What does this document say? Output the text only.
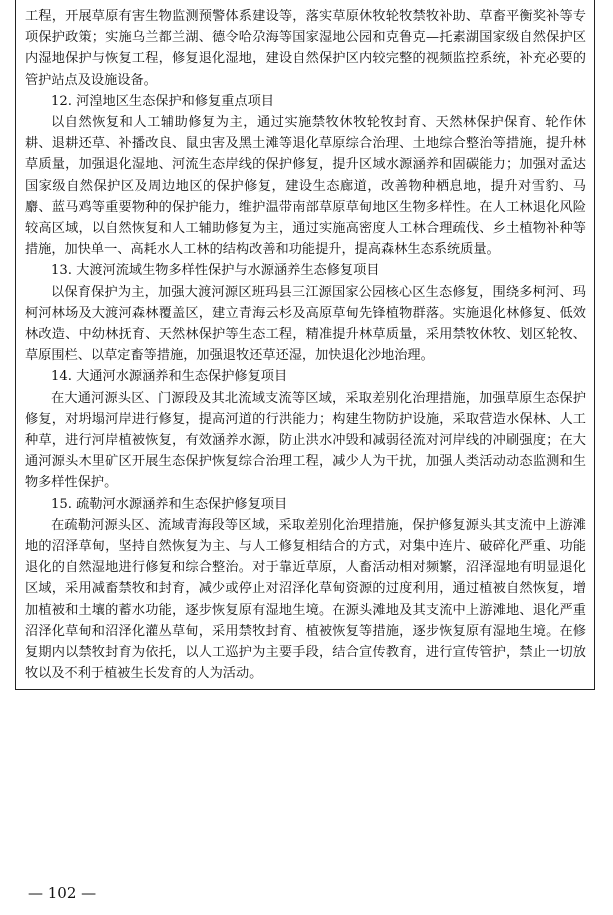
工程，开展草原有害生物监测预警体系建设等，落实草原休牧轮牧禁牧补助、草畜平衡奖补等专项保护政策；实施乌兰都兰湖、德令哈尕海等国家湿地公园和克鲁克—托素湖国家级自然保护区内湿地保护与恢复工程，修复退化湿地，建设自然保护区内较完整的视频监控系统，补充必要的管护站点及设施设备。

12. 河湟地区生态保护和修复重点项目

以自然恢复和人工辅助修复为主，通过实施禁牧休牧轮牧封育、天然林保护保育、轮作休耕、退耕还草、补播改良、鼠虫害及黑土滩等退化草原综合治理、土地综合整治等措施，提升林草质量，加强退化湿地、河流生态岸线的保护修复，提升区域水源涵养和固碳能力；加强对孟达国家级自然保护区及周边地区的保护修复，建设生态廊道，改善物种栖息地，提升对雪豹、马麝、蓝马鸡等重要物种的保护能力，维护温带南部草原草甸地区生物多样性。在人工林退化风险较高区域，以自然恢复和人工辅助修复为主，通过实施高密度人工林合理疏伐、乡土植物补种等措施，加快单一、高耗水人工林的结构改善和功能提升，提高森林生态系统质量。

13. 大渡河流域生物多样性保护与水源涵养生态修复项目

以保育保护为主，加强大渡河源区班玛县三江源国家公园核心区生态修复，围绕多柯河、玛柯河林场及大渡河森林覆盖区，建立青海云杉及高原草甸先锋植物群落。实施退化林修复、低效林改造、中幼林抚育、天然林保护等生态工程，精准提升林草质量，采用禁牧休牧、划区轮牧、草原围栏、以草定畜等措施，加强退牧还草还湿，加快退化沙地治理。

14. 大通河水源涵养和生态保护修复项目

在大通河源头区、门源段及其北流域支流等区域，采取差别化治理措施，加强草原生态保护修复，对坍塌河岸进行修复，提高河道的行洪能力；构建生物防护设施，采取营造水保林、人工种草，进行河岸植被恢复，有效涵养水源，防止洪水冲毁和减弱径流对河岸线的冲刷强度；在大通河源头木里矿区开展生态保护恢复综合治理工程，减少人为干扰，加强人类活动动态监测和生物多样性保护。

15. 疏勒河水源涵养和生态保护修复项目

在疏勒河源头区、流域青海段等区域，采取差别化治理措施，保护修复源头其支流中上游滩地的沼泽草甸，坚持自然恢复为主、与人工修复相结合的方式，对集中连片、破碎化严重、功能退化的自然湿地进行修复和综合整治。对于靠近草原，人畜活动相对频繁，沼泽湿地有明显退化区域，采用减畜禁牧和封育，减少或停止对沼泽化草甸资源的过度利用，通过植被自然恢复，增加植被和土壤的蓄水功能，逐步恢复原有湿地生境。在源头滩地及其支流中上游滩地、退化严重沼泽化草甸和沼泽化灌丛草甸，采用禁牧封育、植被恢复等措施，逐步恢复原有湿地生境。在修复期内以禁牧封育为依托，以人工巡护为主要手段，结合宣传教育，进行宣传管护，禁止一切放牧以及不利于植被生长发育的人为活动。

— 102 —
